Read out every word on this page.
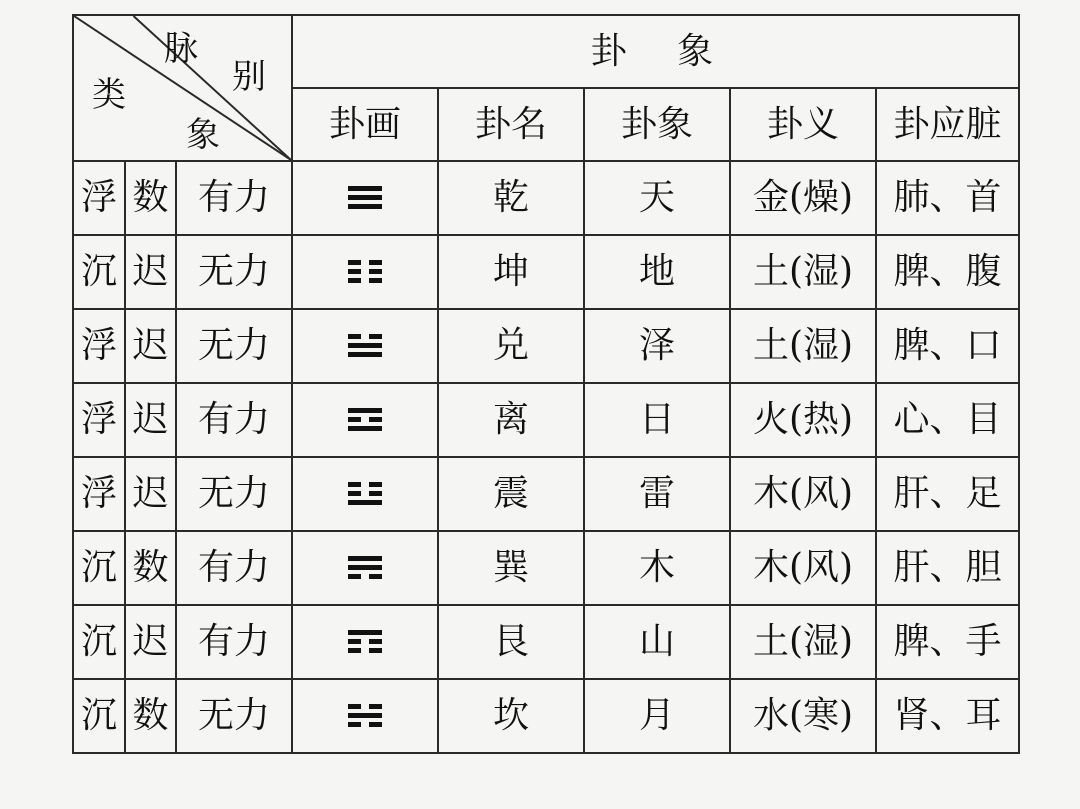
脉
别
类
象			卦　象				
			卦画	卦名	卦象	卦义	卦应脏
浮	数	有力		乾	天	金(燥)	肺、首
沉	迟	无力		坤	地	土(湿)	脾、腹
浮	迟	无力		兑	泽	土(湿)	脾、口
浮	迟	有力		离	日	火(热)	心、目
浮	迟	无力		震	雷	木(风)	肝、足
沉	数	有力		巽	木	木(风)	肝、胆
沉	迟	有力		艮	山	土(湿)	脾、手
沉	数	无力		坎	月	水(寒)	肾、耳
